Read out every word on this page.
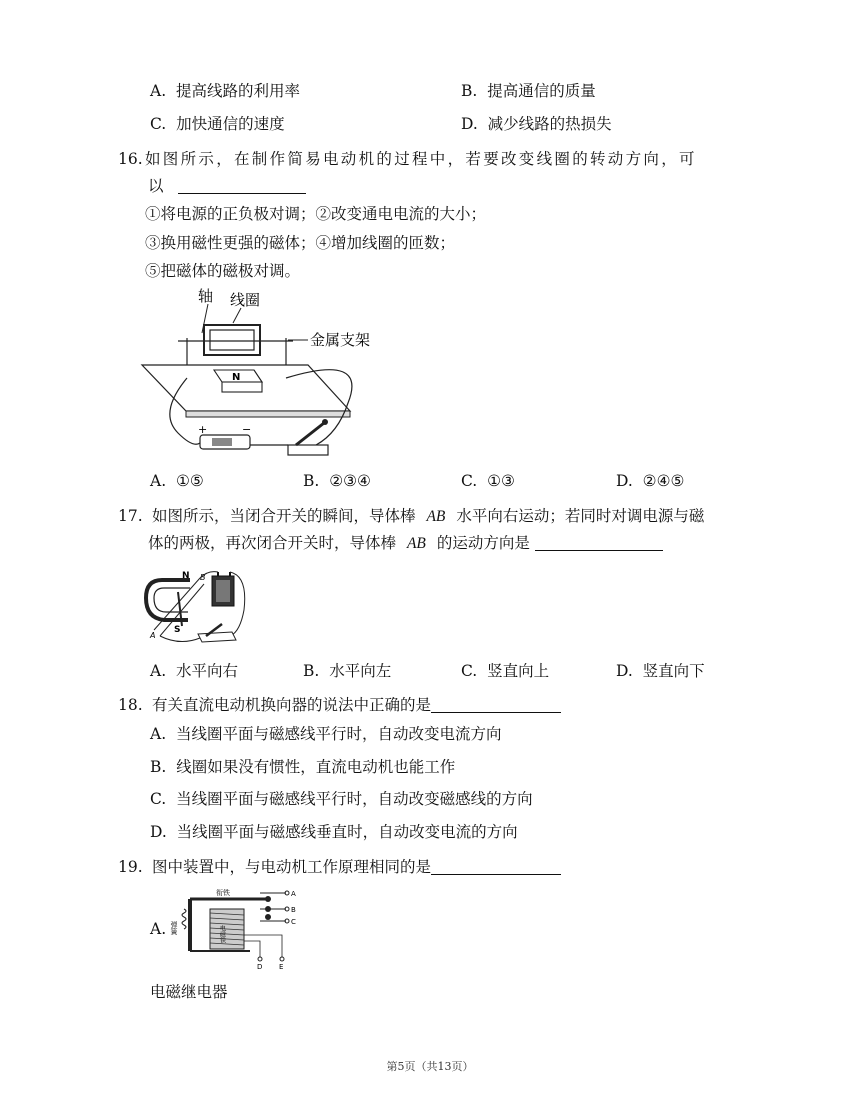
A. 提高线路的利用率	B. 提高通信的质量
C. 加快通信的速度	D. 减少线路的热损失
16. 如图所示，在制作简易电动机的过程中，若要改变线圈的转动方向，可
以
①将电源的正负极对调；②改变通电电流的大小；
③换用磁性更强的磁体；④增加线圈的匝数；
⑤把磁体的磁极对调。
轴 线圈
金属支架
N
+	−
A. ①⑤	B. ②③④	C. ①③	D. ②④⑤
17. 如图所示，当闭合开关的瞬间，导体棒 AB 水平向右运动；若同时对调电源与磁
体的两极，再次闭合开关时，导体棒 AB 的运动方向是
N
S
B
A
A. 水平向右	B. 水平向左	C. 竖直向上	D. 竖直向下
18. 有关直流电动机换向器的说法中正确的是
A. 当线圈平面与磁感线平行时，自动改变电流方向
B. 线圈如果没有惯性，直流电动机也能工作
C. 当线圈平面与磁感线平行时，自动改变磁感线的方向
D. 当线圈平面与磁感线垂直时，自动改变电流的方向
19. 图中装置中，与电动机工作原理相同的是
A.
衔铁
弹簧	电磁铁
A
B
C
D E
电磁继电器
第5页（共13页）
